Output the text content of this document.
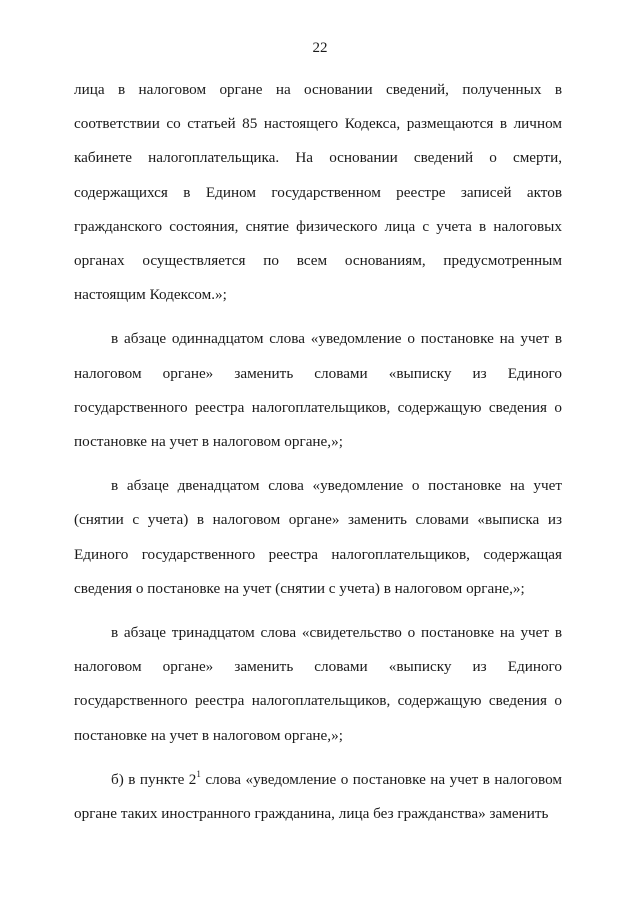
22

лица в налоговом органе на основании сведений, полученных в соответствии со статьей 85 настоящего Кодекса, размещаются в личном кабинете налогоплательщика. На основании сведений о смерти, содержащихся в Едином государственном реестре записей актов гражданского состояния, снятие физического лица с учета в налоговых органах осуществляется по всем основаниям, предусмотренным настоящим Кодексом.»;

в абзаце одиннадцатом слова «уведомление о постановке на учет в налоговом органе» заменить словами «выписку из Единого государственного реестра налогоплательщиков, содержащую сведения о постановке на учет в налоговом органе,»;

в абзаце двенадцатом слова «уведомление о постановке на учет (снятии с учета) в налоговом органе» заменить словами «выписка из Единого государственного реестра налогоплательщиков, содержащая сведения о постановке на учет (снятии с учета) в налоговом органе,»;

в абзаце тринадцатом слова «свидетельство о постановке на учет в налоговом органе» заменить словами «выписку из Единого государственного реестра налогоплательщиков, содержащую сведения о постановке на учет в налоговом органе,»;

б) в пункте $2^1$ слова «уведомление о постановке на учет в налоговом органе таких иностранного гражданина, лица без гражданства» заменить
